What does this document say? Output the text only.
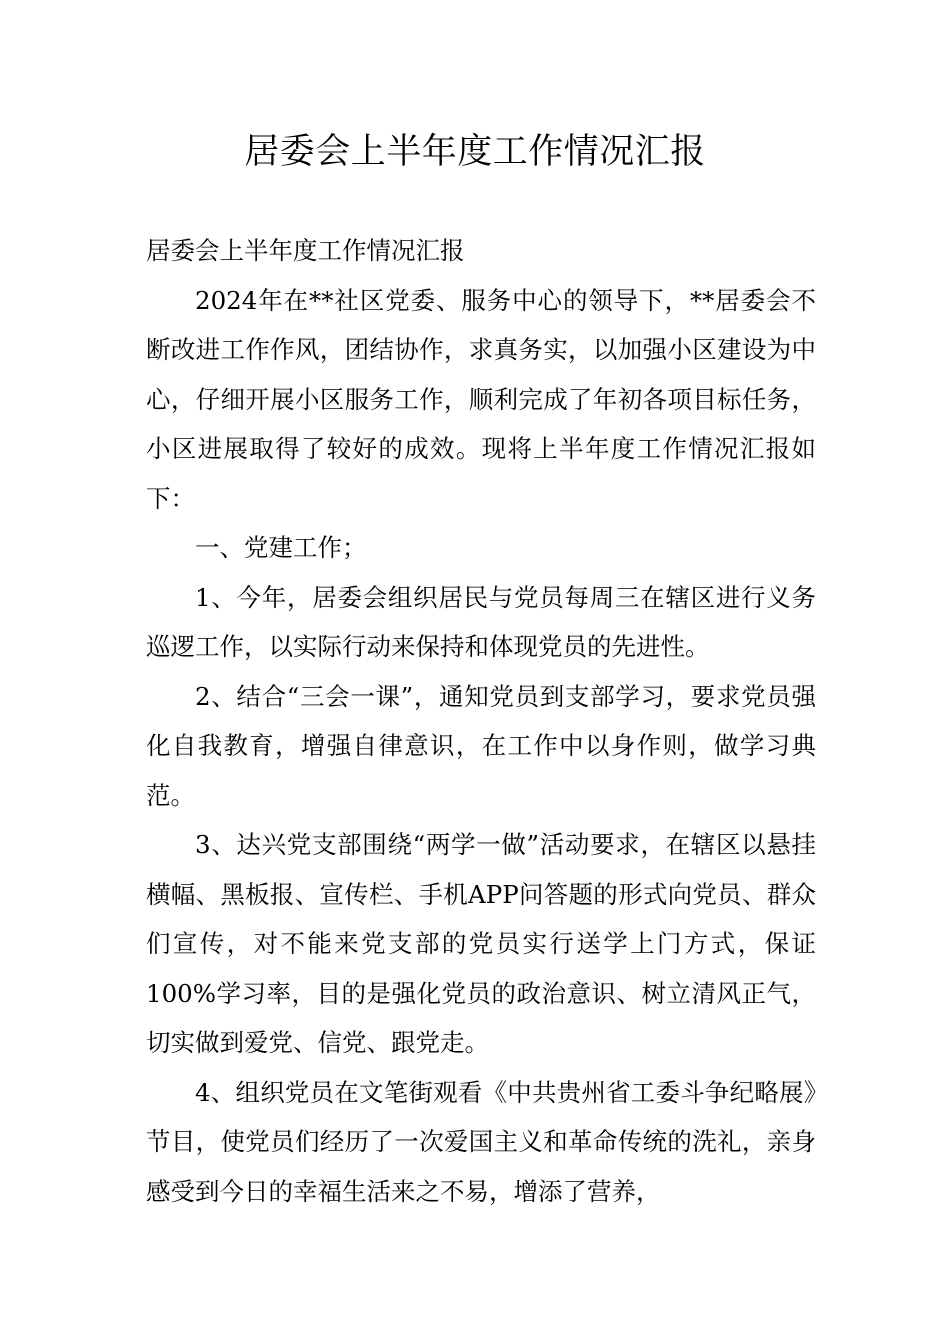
居委会上半年度工作情况汇报

居委会上半年度工作情况汇报

2024年在**社区党委、服务中心的领导下，**居委会不断改进工作作风，团结协作，求真务实，以加强小区建设为中心，仔细开展小区服务工作，顺利完成了年初各项目标任务，小区进展取得了较好的成效。现将上半年度工作情况汇报如下：

一、党建工作；

1、今年，居委会组织居民与党员每周三在辖区进行义务巡逻工作，以实际行动来保持和体现党员的先进性。

2、结合“三会一课”，通知党员到支部学习，要求党员强化自我教育，增强自律意识，在工作中以身作则，做学习典范。

3、达兴党支部围绕“两学一做”活动要求，在辖区以悬挂横幅、黑板报、宣传栏、手机APP问答题的形式向党员、群众们宣传，对不能来党支部的党员实行送学上门方式，保证100%学习率，目的是强化党员的政治意识、树立清风正气，切实做到爱党、信党、跟党走。

4、组织党员在文笔街观看《中共贵州省工委斗争纪略展》节目，使党员们经历了一次爱国主义和革命传统的洗礼，亲身感受到今日的幸福生活来之不易，增添了营养，
